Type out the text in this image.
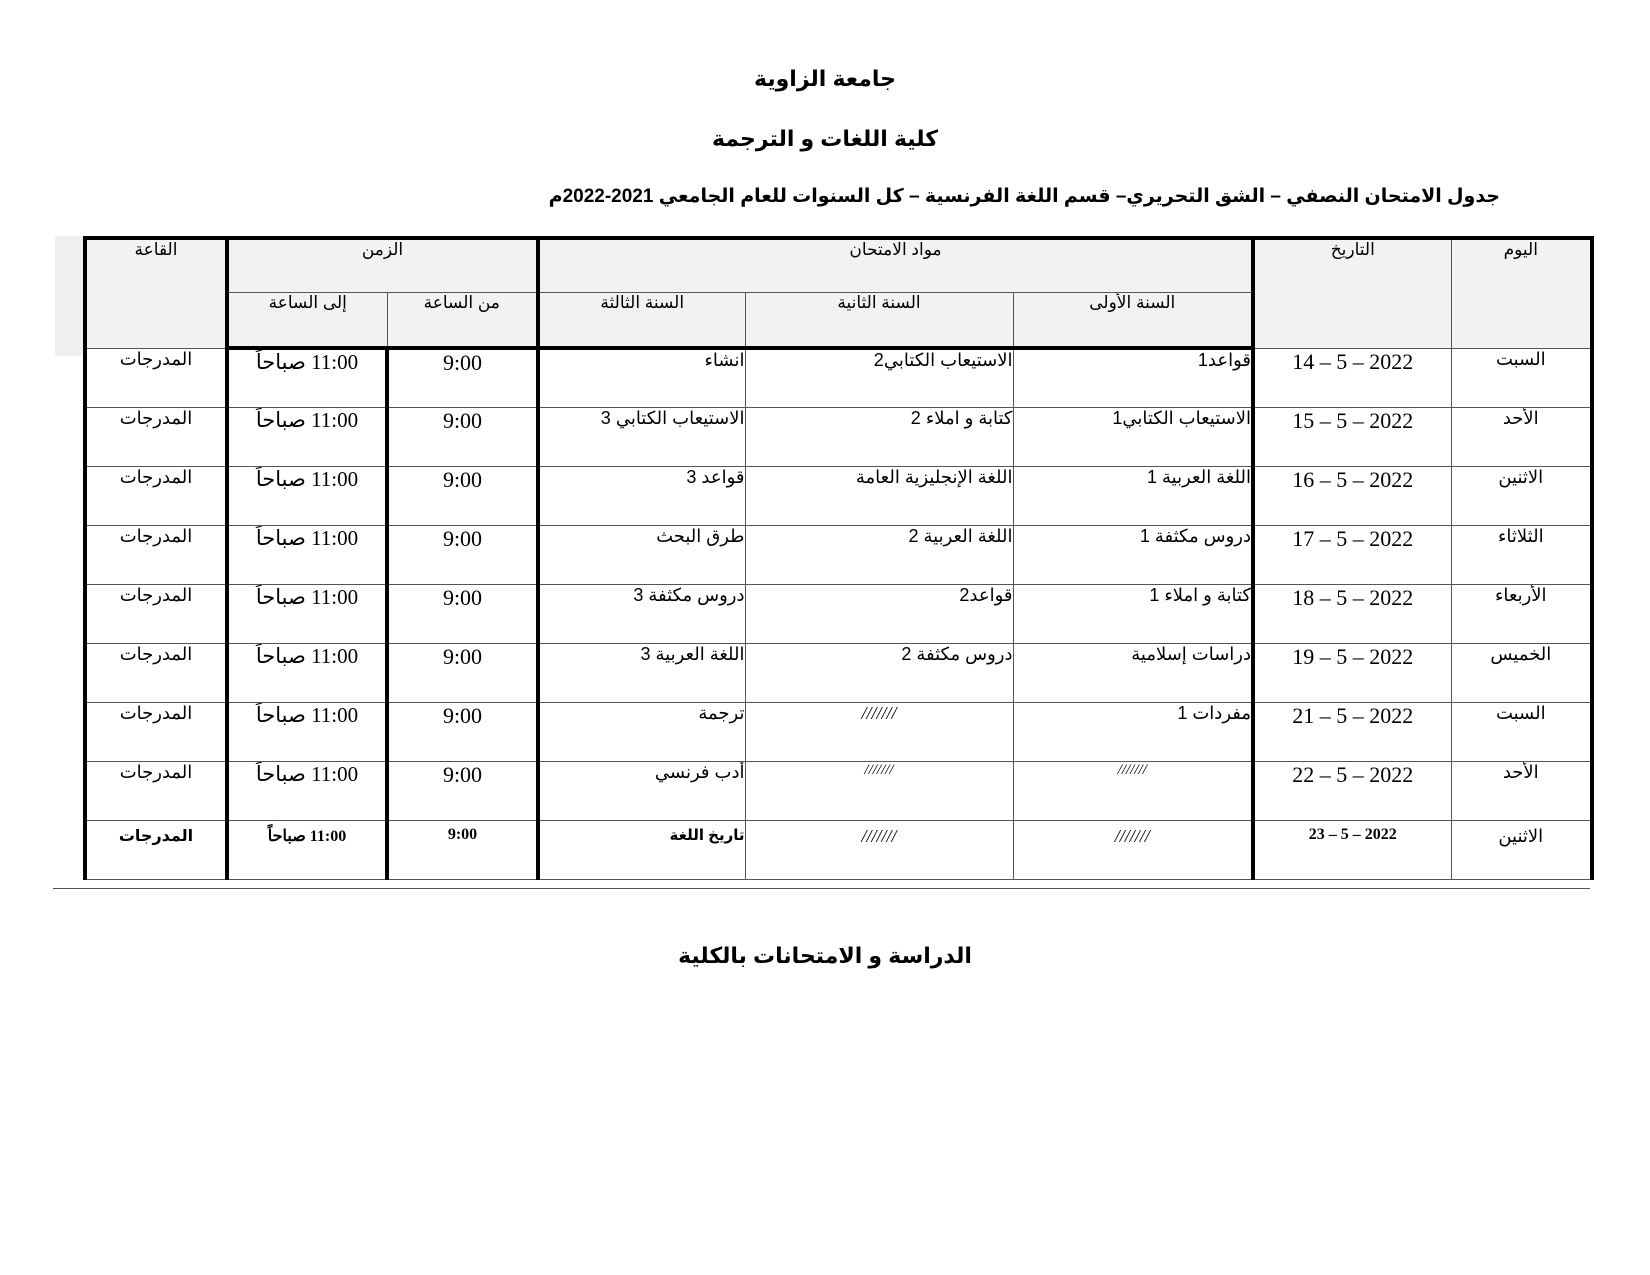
جامعة الزاوية
كلية اللغات و الترجمة
جدول الامتحان النصفي – الشق التحريري– قسم اللغة الفرنسية – كل السنوات للعام الجامعي 2021-2022م
القاعة	الزمن		مواد الامتحان			التاريخ	اليوم
	إلى الساعة	من الساعة	السنة الثالثة	السنة الثانية	السنة الأولى		
المدرجات	11:00 صباحاً	9:00	انشاء	الاستيعاب الكتابي2	قواعد1	14 – 5 – 2022	السبت
المدرجات	11:00 صباحاً	9:00	الاستيعاب الكتابي 3	كتابة و املاء 2	الاستيعاب الكتابي1	15 – 5 – 2022	الأحد
المدرجات	11:00 صباحاً	9:00	قواعد 3	اللغة الإنجليزية العامة	اللغة العربية 1	16 – 5 – 2022	الاثنين
المدرجات	11:00 صباحاً	9:00	طرق البحث	اللغة العربية 2	دروس مكثفة 1	17 – 5 – 2022	الثلاثاء
المدرجات	11:00 صباحاً	9:00	دروس مكثفة 3	قواعد2	كتابة و املاء 1	18 – 5 – 2022	الأربعاء
المدرجات	11:00 صباحاً	9:00	اللغة العربية 3	دروس مكثفة 2	دراسات إسلامية	19 – 5 – 2022	الخميس
المدرجات	11:00 صباحاً	9:00	ترجمة	///////	مفردات 1	21 – 5 – 2022	السبت
المدرجات	11:00 صباحاً	9:00	أدب فرنسي	///////	///////	22 – 5 – 2022	الأحد
المدرجات	11:00 صباحاً	9:00	تاريخ اللغة	///////	///////	23 – 5 – 2022	الاثنين
الدراسة و الامتحانات بالكلية
